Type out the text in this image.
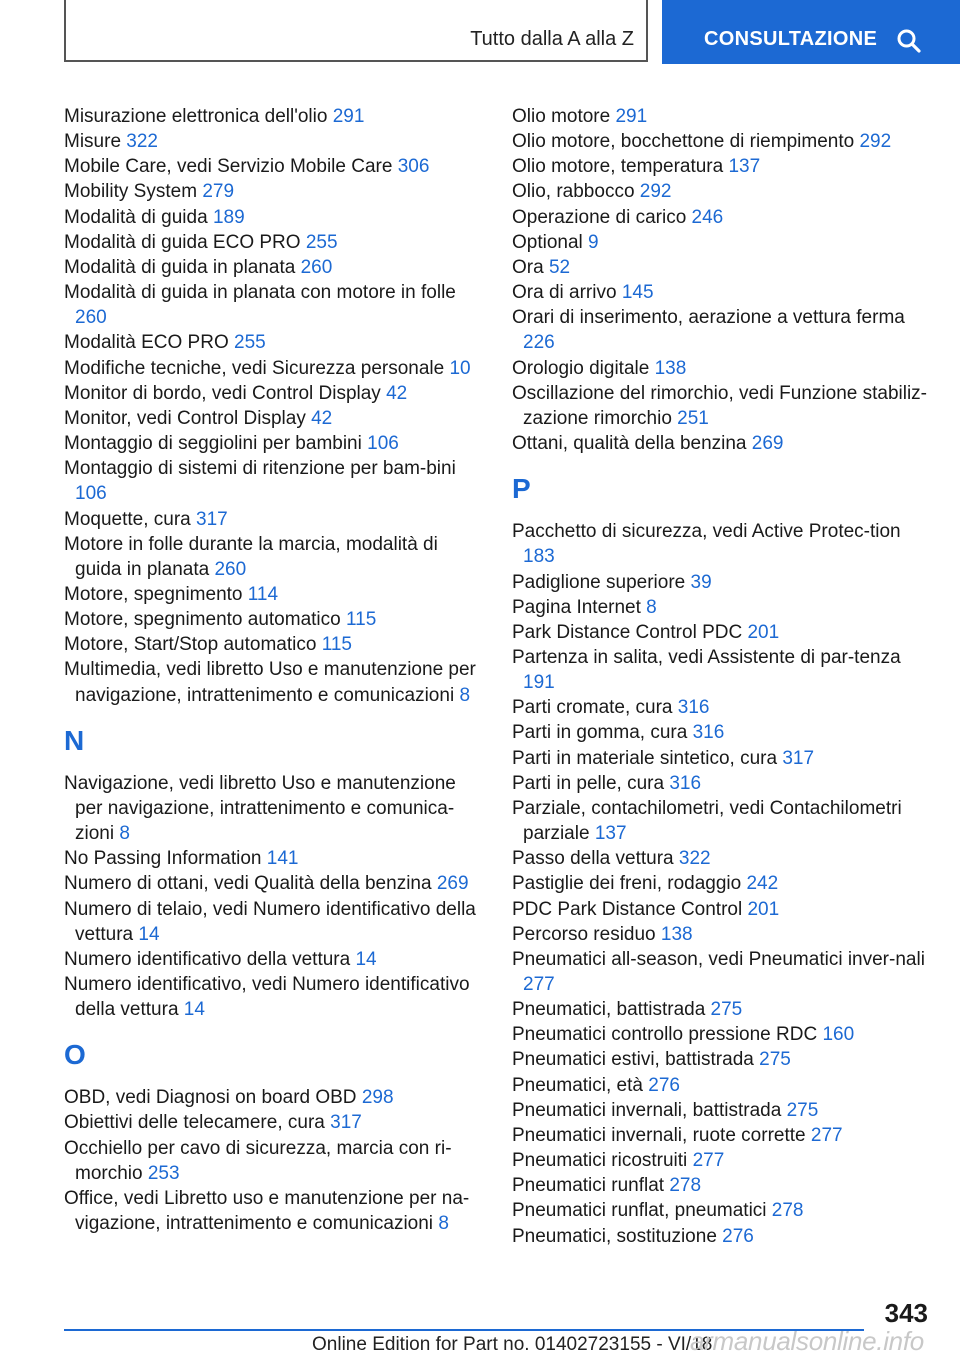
Tutto dalla A alla Z	CONSULTAZIONE
Misurazione elettronica dell'olio 291
Misure 322
Mobile Care, vedi Servizio Mobile Care 306
Mobility System 279
Modalità di guida 189
Modalità di guida ECO PRO 255
Modalità di guida in planata 260
Modalità di guida in planata con motore in folle 260
Modalità ECO PRO 255
Modifiche tecniche, vedi Sicurezza personale 10
Monitor di bordo, vedi Control Display 42
Monitor, vedi Control Display 42
Montaggio di seggiolini per bambini 106
Montaggio di sistemi di ritenzione per bam‐bini 106
Moquette, cura 317
Motore in folle durante la marcia, modalità di guida in planata 260
Motore, spegnimento 114
Motore, spegnimento automatico 115
Motore, Start/Stop automatico 115
Multimedia, vedi libretto Uso e manutenzione per navigazione, intrattenimento e comunicazioni 8
N
Navigazione, vedi libretto Uso e manutenzione per navigazione, intrattenimento e comunica‐zioni 8
No Passing Information 141
Numero di ottani, vedi Qualità della benzina 269
Numero di telaio, vedi Numero identificativo della vettura 14
Numero identificativo della vettura 14
Numero identificativo, vedi Numero identificativo della vettura 14
O
OBD, vedi Diagnosi on board OBD 298
Obiettivi delle telecamere, cura 317
Occhiello per cavo di sicurezza, marcia con ri‐morchio 253
Office, vedi Libretto uso e manutenzione per na‐vigazione, intrattenimento e comunicazioni 8
Olio motore 291
Olio motore, bocchettone di riempimento 292
Olio motore, temperatura 137
Olio, rabbocco 292
Operazione di carico 246
Optional 9
Ora 52
Ora di arrivo 145
Orari di inserimento, aerazione a vettura ferma 226
Orologio digitale 138
Oscillazione del rimorchio, vedi Funzione stabiliz‐zazione rimorchio 251
Ottani, qualità della benzina 269
P
Pacchetto di sicurezza, vedi Active Protec‐tion 183
Padiglione superiore 39
Pagina Internet 8
Park Distance Control PDC 201
Partenza in salita, vedi Assistente di par‐tenza 191
Parti cromate, cura 316
Parti in gomma, cura 316
Parti in materiale sintetico, cura 317
Parti in pelle, cura 316
Parziale, contachilometri, vedi Contachilometri parziale 137
Passo della vettura 322
Pastiglie dei freni, rodaggio 242
PDC Park Distance Control 201
Percorso residuo 138
Pneumatici all-season, vedi Pneumatici inver‐nali 277
Pneumatici, battistrada 275
Pneumatici controllo pressione RDC 160
Pneumatici estivi, battistrada 275
Pneumatici, età 276
Pneumatici invernali, battistrada 275
Pneumatici invernali, ruote corrette 277
Pneumatici ricostruiti 277
Pneumatici runflat 278
Pneumatici runflat, pneumatici 278
Pneumatici, sostituzione 276
343
Online Edition for Part no. 01402723155 - VI/18
armanualsonline.info
